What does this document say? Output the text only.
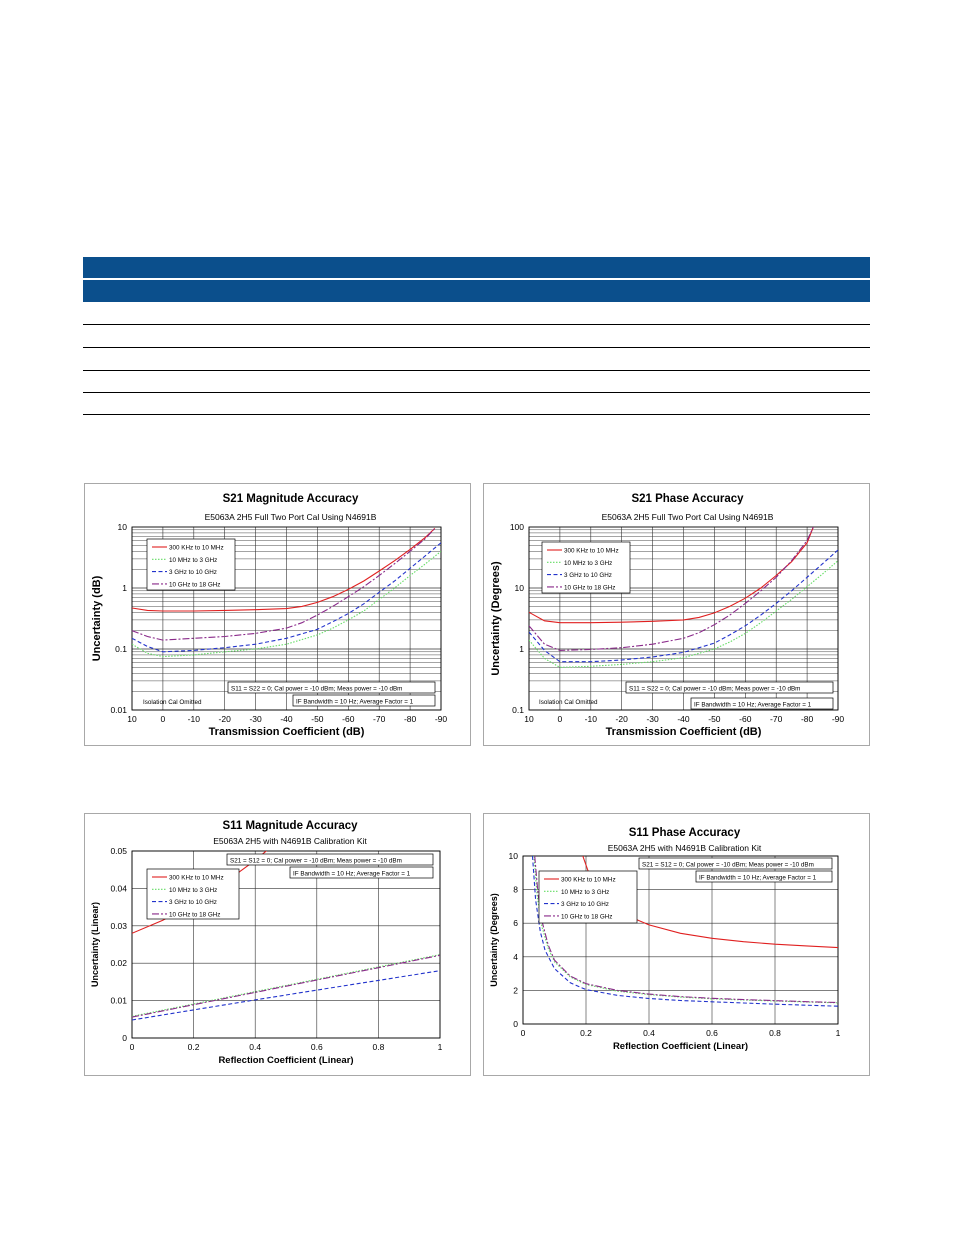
S21 Magnitude Accuracy
E5063A 2H5 Full Two Port Cal Using N4691B
0.01
0.1
1
10
10	0	-10 -20 -30 -40 -50 -60 -70 -80 -90
Transmission Coefficient (dB)
Uncertainty (dB)
300 KHz to 10 MHz
10 MHz to 3 GHz
3 GHz to 10 GHz
10 GHz to 18 GHz
S11 = S22 = 0; Cal power = -10 dBm; Meas power = -10 dBm
IF Bandwidth = 10 Hz; Average Factor = 1
Isolation Cal Omitted
S21 Phase Accuracy
E5063A 2H5 Full Two Port Cal Using N4691B
0.1
1
10
100
10	0	-10 -20 -30 -40 -50 -60 -70 -80 -90
Transmission Coefficient (dB)
Uncertainty (Degrees)
300 KHz to 10 MHz
10 MHz to 3 GHz
3 GHz to 10 GHz
10 GHz to 18 GHz
S11 = S22 = 0; Cal power = -10 dBm; Meas power = -10 dBm
IF Bandwidth = 10 Hz; Average Factor = 1
Isolation Cal Omitted
S11 Magnitude Accuracy
E5063A 2H5 with N4691B Calibration Kit
0
0.01
0.02
0.03
0.04
0.05
0	0.2	0.4	0.6	0.8	1
Reflection Coefficient (Linear)
Uncertainty (Linear)
300 KHz to 10 MHz
10 MHz to 3 GHz
3 GHz to 10 GHz
10 GHz to 18 GHz
S21 = S12 = 0; Cal power = -10 dBm; Meas power = -10 dBm
IF Bandwidth = 10 Hz; Average Factor = 1
S11 Phase Accuracy
E5063A 2H5 with N4691B Calibration Kit
0
2
4
6
8
10
0	0.2	0.4	0.6	0.8	1
Reflection Coefficient (Linear)
Uncertainty (Degrees)
300 KHz to 10 MHz
10 MHz to 3 GHz
3 GHz to 10 GHz
10 GHz to 18 GHz
S21 = S12 = 0; Cal power = -10 dBm; Meas power = -10 dBm
IF Bandwidth = 10 Hz; Average Factor = 1
